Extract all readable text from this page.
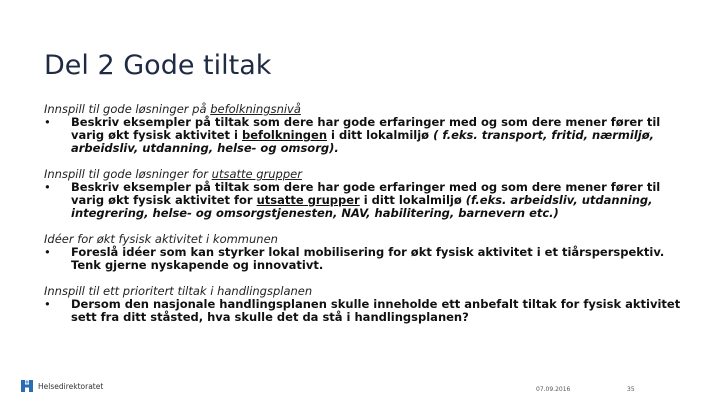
Del 2 Gode tiltak
Innspill til gode løsninger på befolkningsnivå
•	Beskriv eksempler på tiltak som dere har gode erfaringer med og som dere mener fører til varig økt fysisk aktivitet i befolkningen i ditt lokalmiljø ( f.eks. transport, fritid, nærmiljø, arbeidsliv, utdanning, helse- og omsorg).
Innspill til gode løsninger for utsatte grupper
•	Beskriv eksempler på tiltak som dere har gode erfaringer med og som dere mener fører til varig økt fysisk aktivitet for utsatte grupper i ditt lokalmiljø (f.eks. arbeidsliv, utdanning, integrering, helse- og omsorgstjenesten, NAV, habilitering, barnevern etc.)
Idéer for økt fysisk aktivitet i kommunen
•	Foreslå idéer som kan styrker lokal mobilisering for økt fysisk aktivitet i et tiårsperspektiv. Tenk gjerne nyskapende og innovativt.
Innspill til ett prioritert tiltak i handlingsplanen
•	Dersom den nasjonale handlingsplanen skulle inneholde ett anbefalt tiltak for fysisk aktivitet sett fra ditt ståsted, hva skulle det da stå i handlingsplanen?
Helsedirektoratet	07.09.2016	35
